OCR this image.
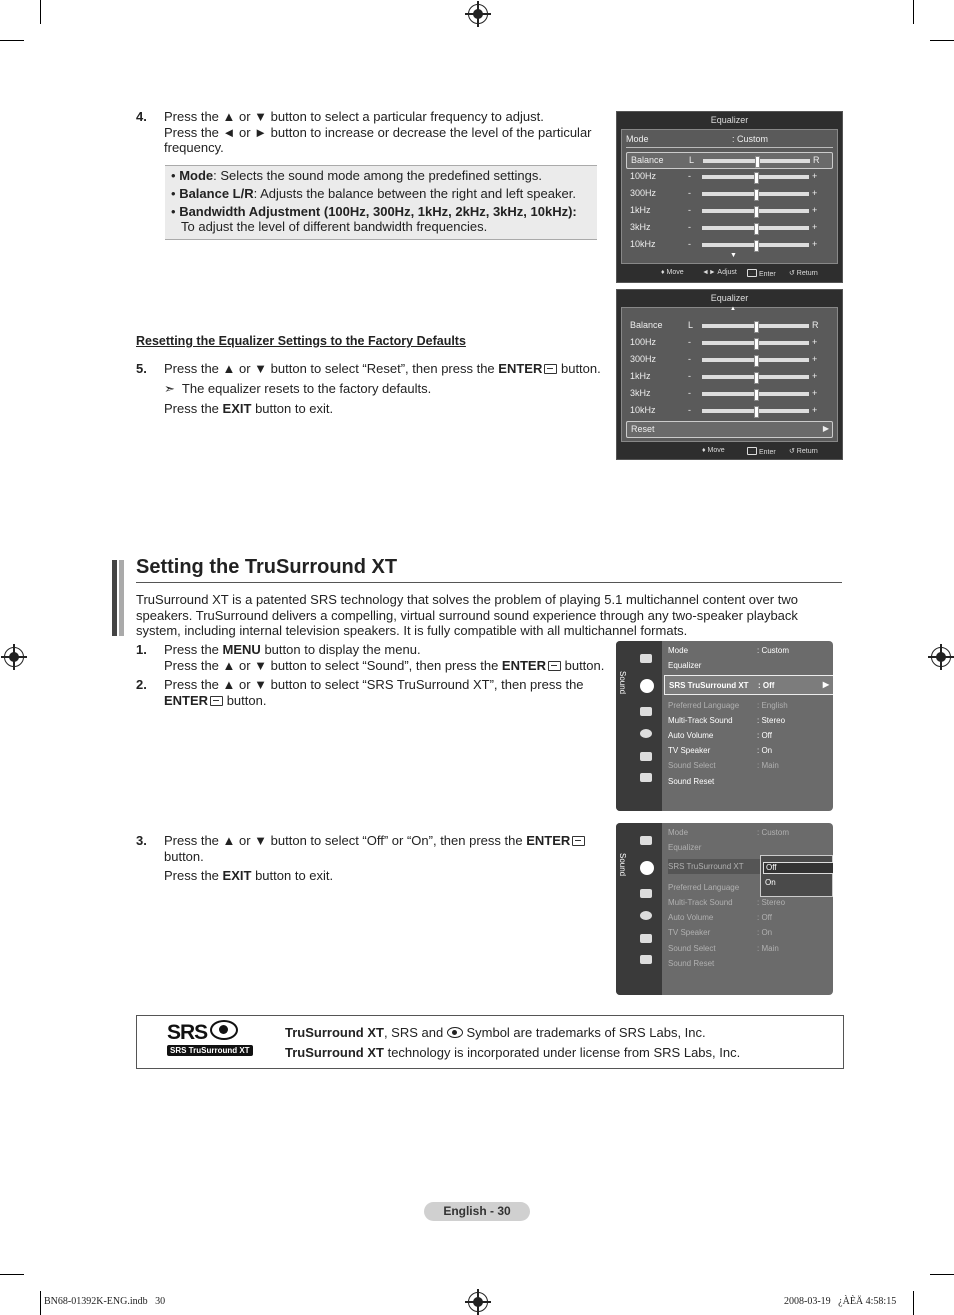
4. Press the ▲ or ▼ button to select a particular frequency to adjust.
Press the ◄ or ► button to increase or decrease the level of the particular frequency.
• Mode: Selects the sound mode among the predefined settings.
• Balance L/R: Adjusts the balance between the right and left speaker.
• Bandwidth Adjustment (100Hz, 300Hz, 1kHz, 2kHz, 3kHz, 10kHz):
To adjust the level of different bandwidth frequencies.
Equalizer
Mode	: Custom
Balance	L	R
100Hz	-	+
300Hz	-	+
1kHz	-	+
3kHz	-	+
10kHz	-	+
▼
♦ Move	◄► Adjust	Enter ↺ Return
Resetting the Equalizer Settings to the Factory Defaults
5. Press the ▲ or ▼ button to select “Reset”, then press the ENTER button.
➣ The equalizer resets to the factory defaults.
Press the EXIT button to exit.
Equalizer
▲
Balance	L	R
100Hz	-	+
300Hz	-	+
1kHz	-	+
3kHz	-	+
10kHz	-	+
Reset	▶
♦ Move	Enter ↺ Return
Setting the TruSurround XT
TruSurround XT is a patented SRS technology that solves the problem of playing 5.1 multichannel content over two speakers. TruSurround delivers a compelling, virtual surround sound experience through any two-speaker playback system, including internal television speakers. It is fully compatible with all multichannel formats.
1. Press the MENU button to display the menu.
Press the ▲ or ▼ button to select “Sound”, then press the ENTER button.
2. Press the ▲ or ▼ button to select “SRS TruSurround XT”, then press the ENTER button.
Sound
Mode	: Custom
Equalizer
SRS TruSurround XT : Off	▶
Preferred Language : English
Multi-Track Sound	: Stereo
Auto Volume	: Off
TV Speaker	: On
Sound Select	: Main
Sound Reset
3. Press the ▲ or ▼ button to select “Off” or “On”, then press the ENTER button.
Press the EXIT button to exit.	Sound
Mode	: Custom
Equalizer
SRS TruSurround XT
Preferred Language
Multi-Track Sound	: Stereo
Auto Volume	: Off
TV Speaker	: On
Sound Select	: Main
Sound Reset
Off
On
SRS
SRS TruSurround XT
TruSurround XT, SRS and Symbol are trademarks of SRS Labs, Inc.
TruSurround XT technology is incorporated under license from SRS Labs, Inc.
English - 30
BN68-01392K-ENG.indb   30	2008-03-19   ¿ÀÈÄ 4:58:15
